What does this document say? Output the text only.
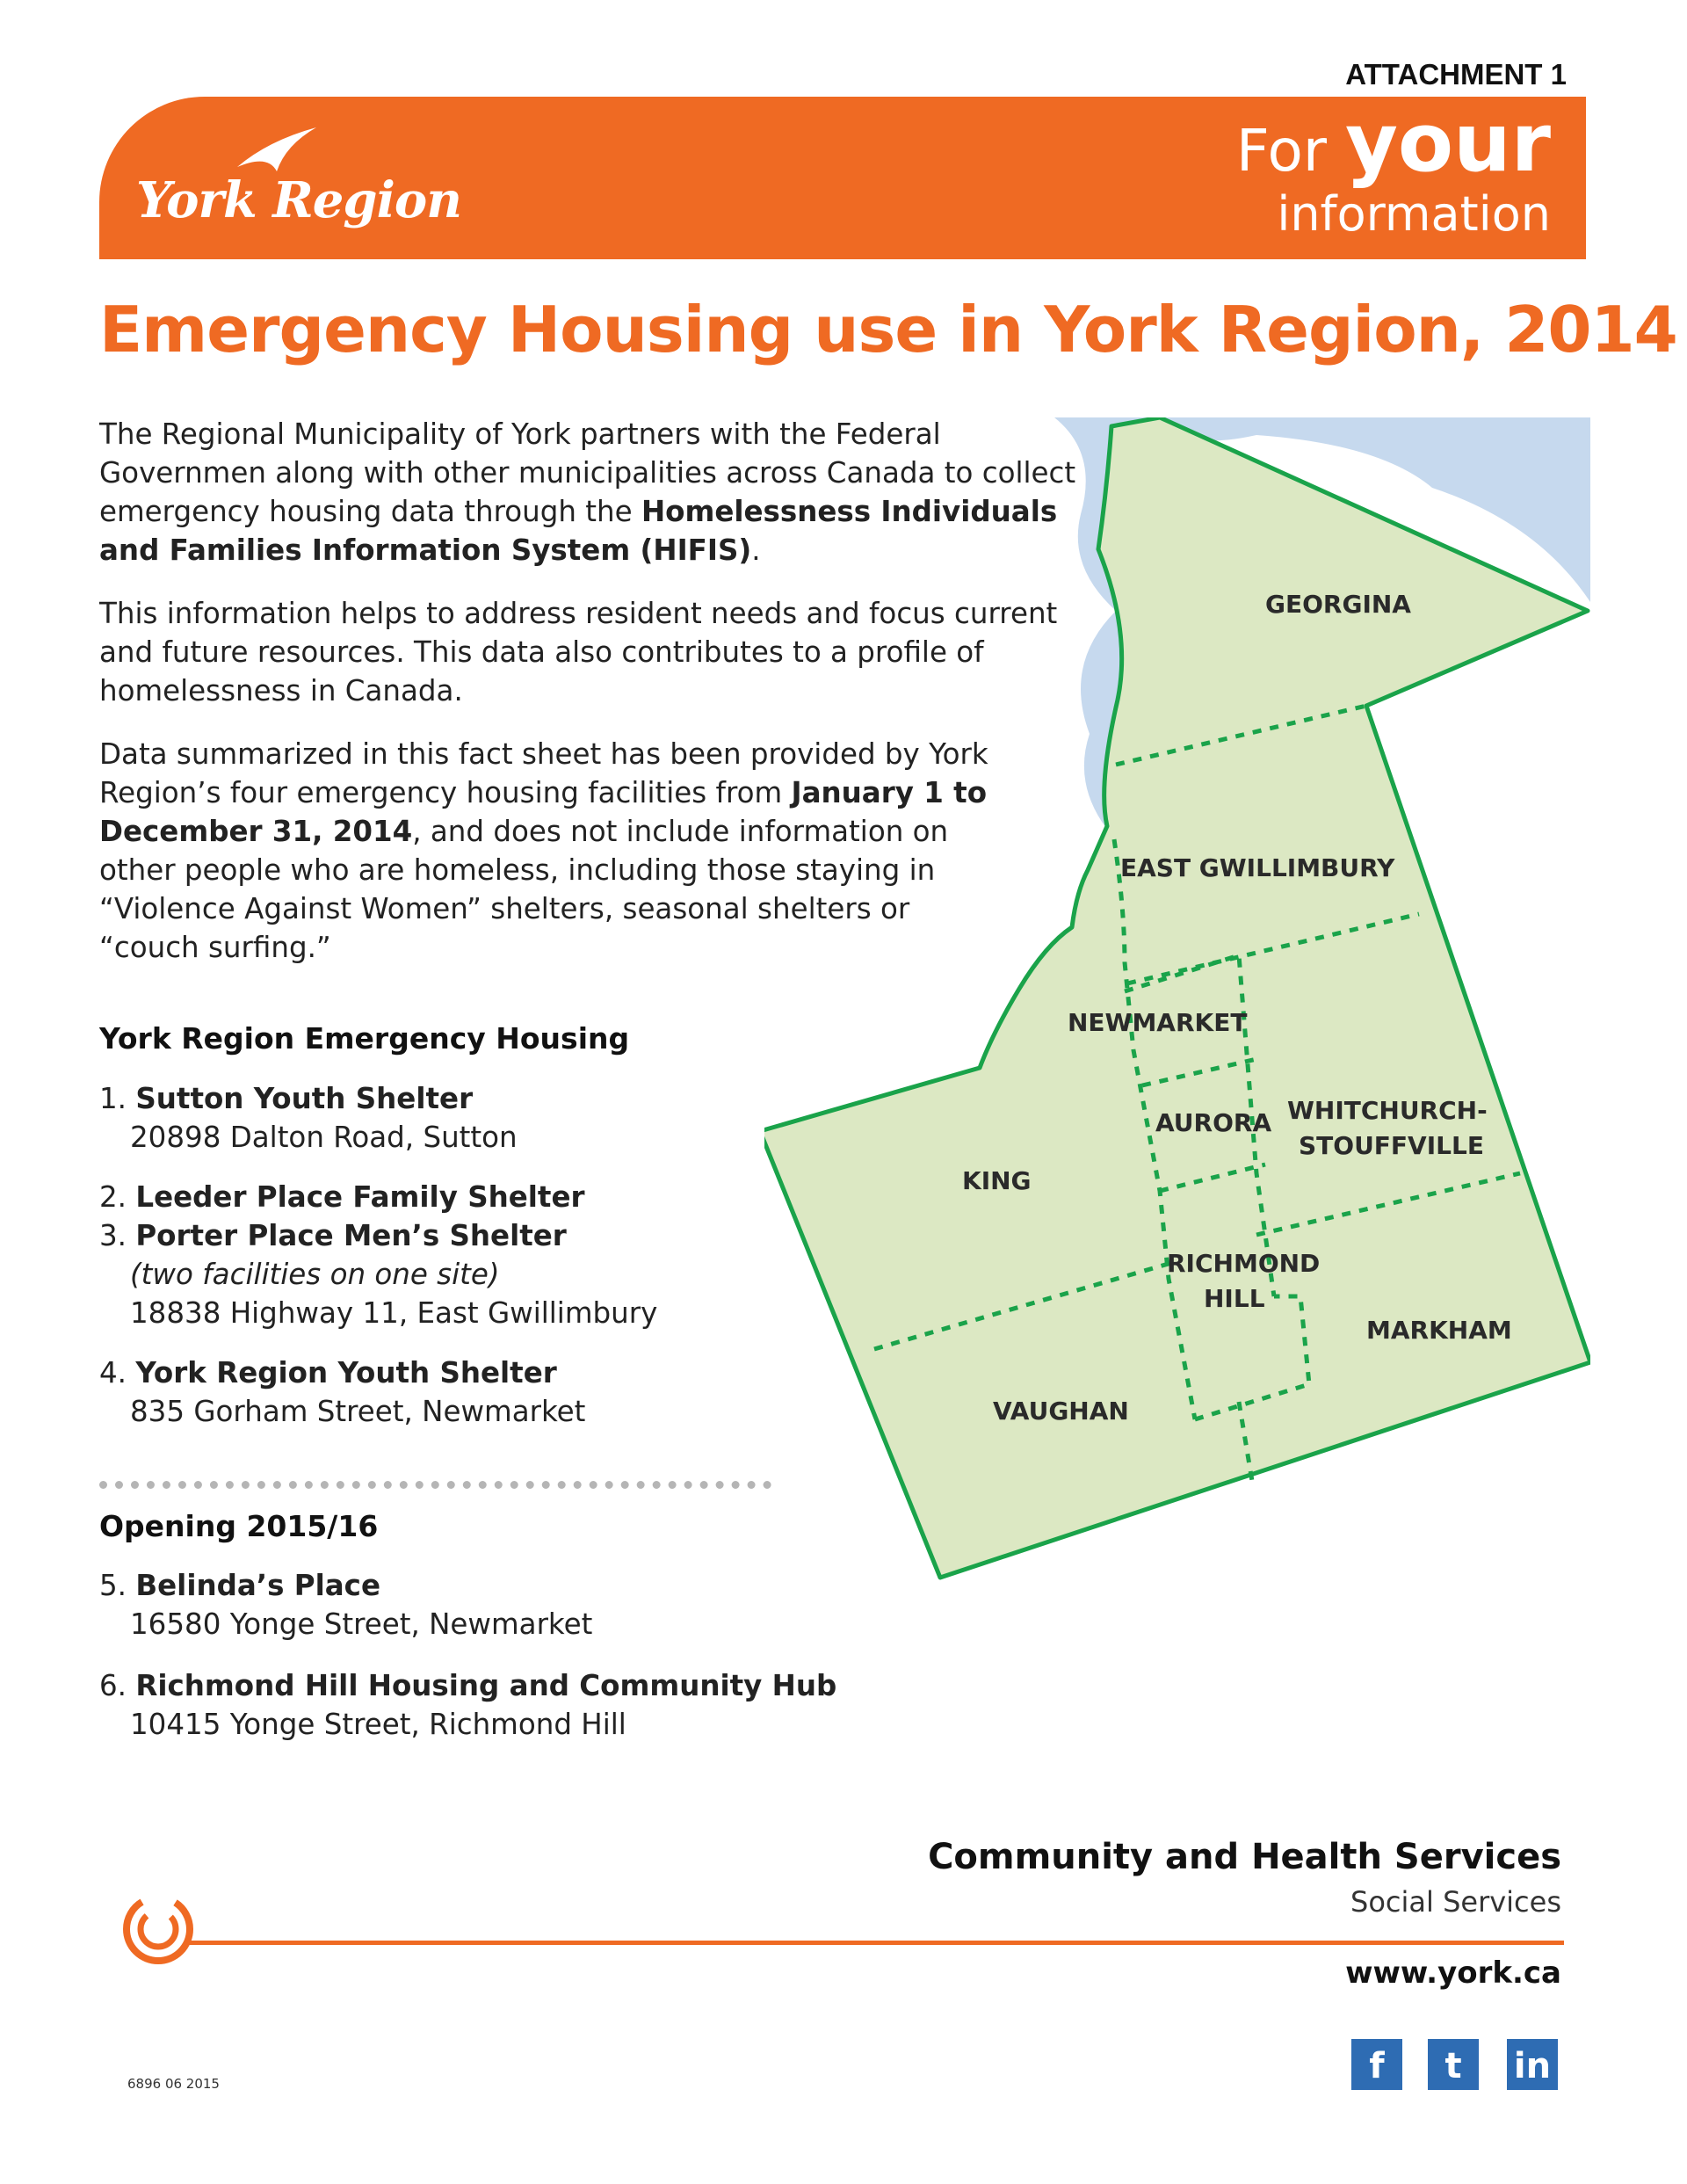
ATTACHMENT 1
York Region
For your
information
Emergency Housing use in York Region, 2014
GEORGINA
EAST GWILLIMBURY
NEWMARKET
AURORA WHITCHURCH-
STOUFFVILLE
KING
RICHMOND
HILL
MARKHAM
VAUGHAN
The Regional Municipality of York partners with the Federal Governmen along with other municipalities across Canada to collect emergency housing data through the Homelessness Individuals and Families Information System (HIFIS).
This information helps to address resident needs and focus current and future resources. This data also contributes to a profile of homelessness in Canada.
Data summarized in this fact sheet has been provided by York Region’s four emergency housing facilities from January 1 to December 31, 2014, and does not include information on other people who are homeless, including those staying in “Violence Against Women” shelters, seasonal shelters or “couch surfing.”
York Region Emergency Housing
1. Sutton Youth Shelter
20898 Dalton Road, Sutton
2. Leeder Place Family Shelter
3. Porter Place Men’s Shelter
(two facilities on one site)
18838 Highway 11, East Gwillimbury
4. York Region Youth Shelter
835 Gorham Street, Newmarket
Opening 2015/16
5. Belinda’s Place
16580 Yonge Street, Newmarket
6. Richmond Hill Housing and Community Hub
10415 Yonge Street, Richmond Hill
Community and Health Services
Social Services
www.york.ca
f	t	in
6896 06 2015
